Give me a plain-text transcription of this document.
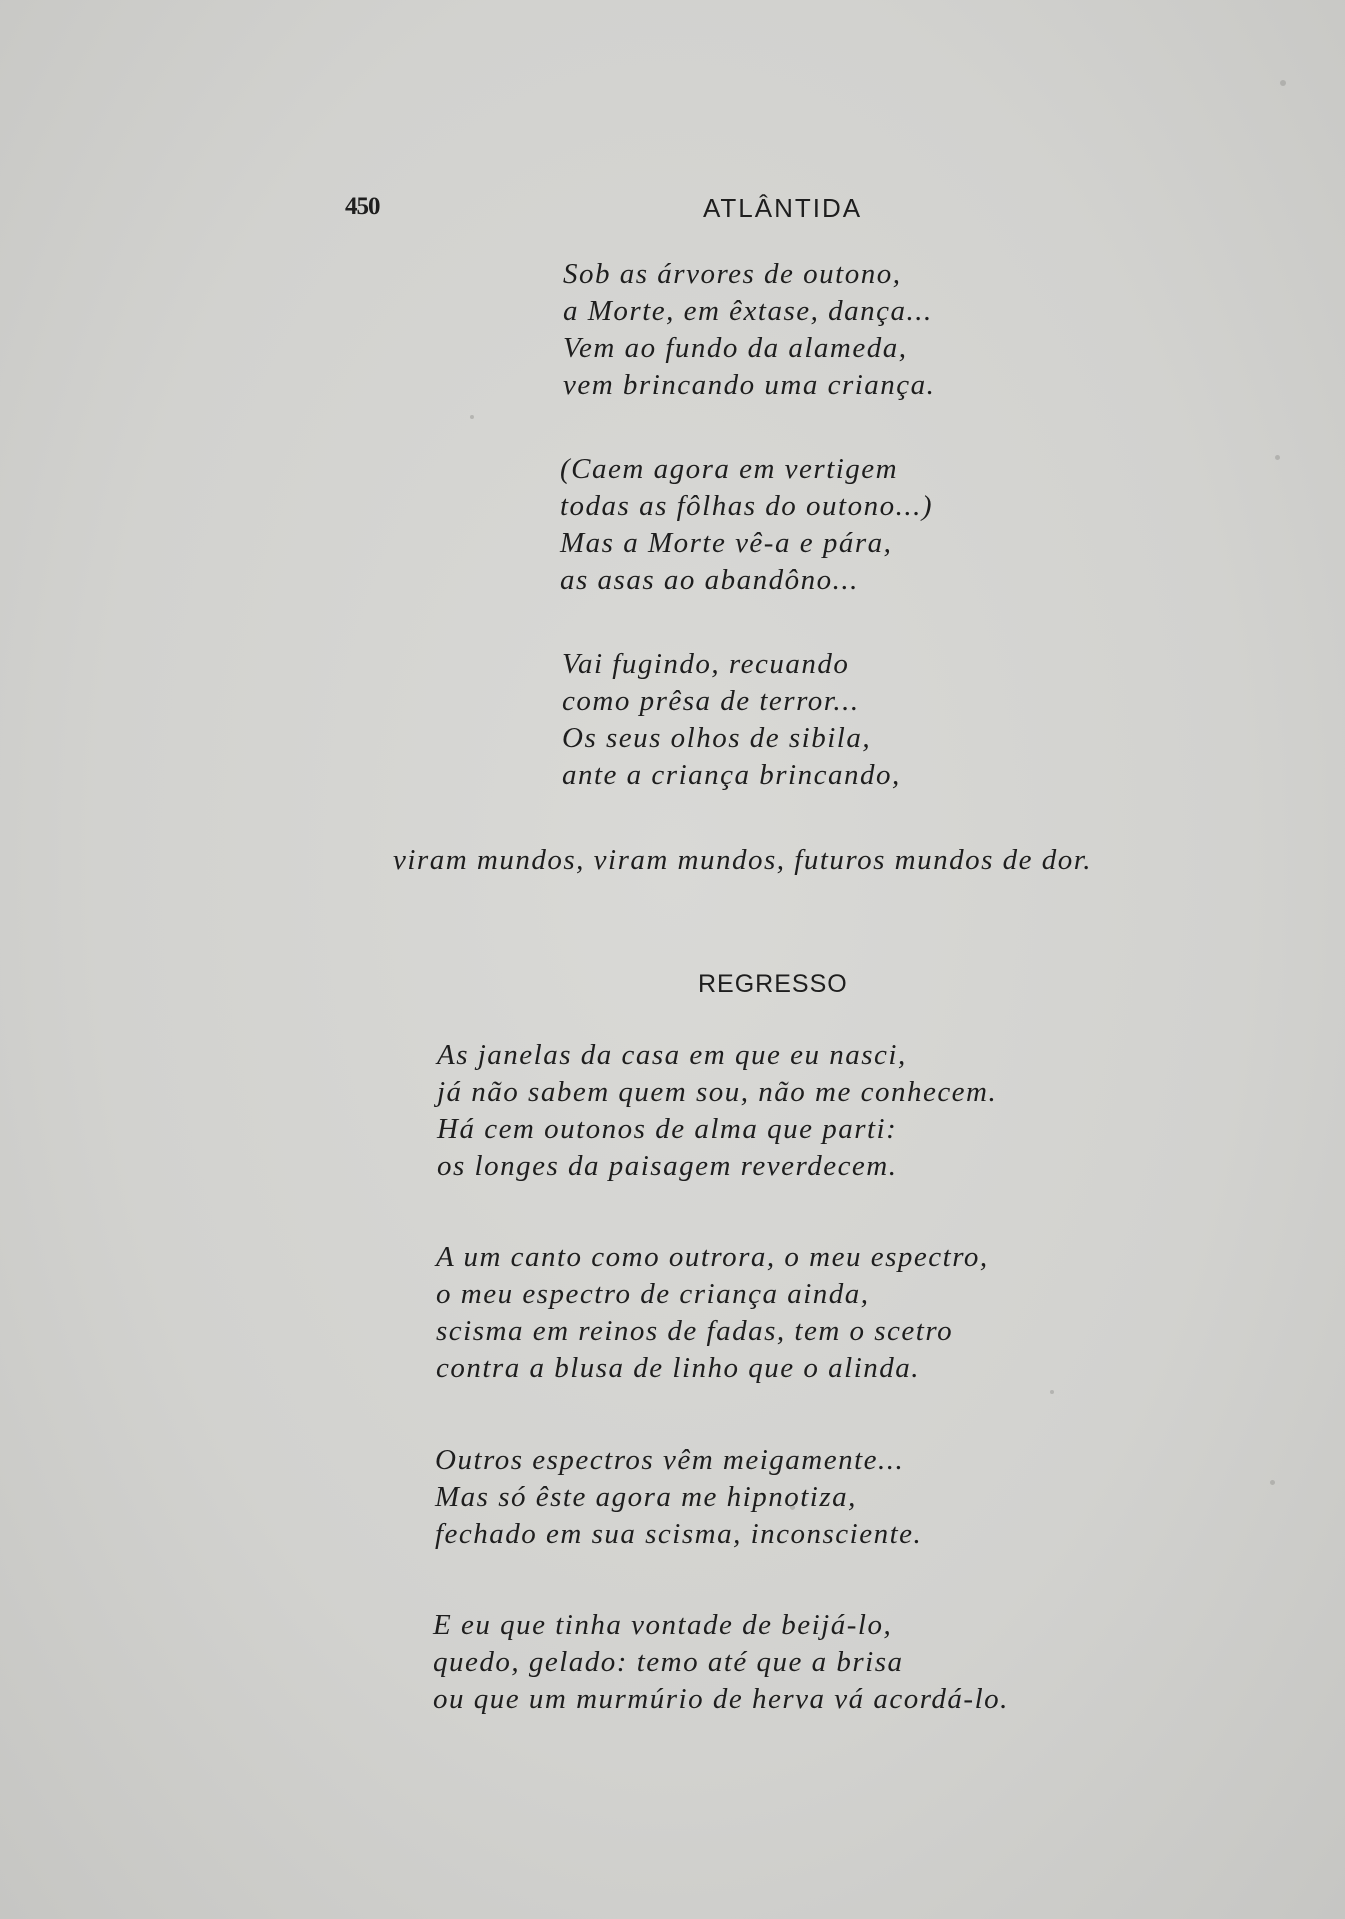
450	ATLÂNTIDA

Sob as árvores de outono,
a Morte, em êxtase, dança...
Vem ao fundo da alameda,
vem brincando uma criança.

(Caem agora em vertigem
todas as fôlhas do outono...)
Mas a Morte vê-a e pára,
as asas ao abandôno...

Vai fugindo, recuando
como prêsa de terror...
Os seus olhos de sibila,
ante a criança brincando,

viram mundos, viram mundos, futuros mundos de dor.

REGRESSO

As janelas da casa em que eu nasci,
já não sabem quem sou, não me conhecem.
Há cem outonos de alma que parti:
os longes da paisagem reverdecem.

A um canto como outrora, o meu espectro,
o meu espectro de criança ainda,
scisma em reinos de fadas, tem o scetro
contra a blusa de linho que o alinda.

Outros espectros vêm meigamente...
Mas só êste agora me hipnotiza,
fechado em sua scisma, inconsciente.

E eu que tinha vontade de beijá-lo,
quedo, gelado: temo até que a brisa
ou que um murmúrio de herva vá acordá-lo.
